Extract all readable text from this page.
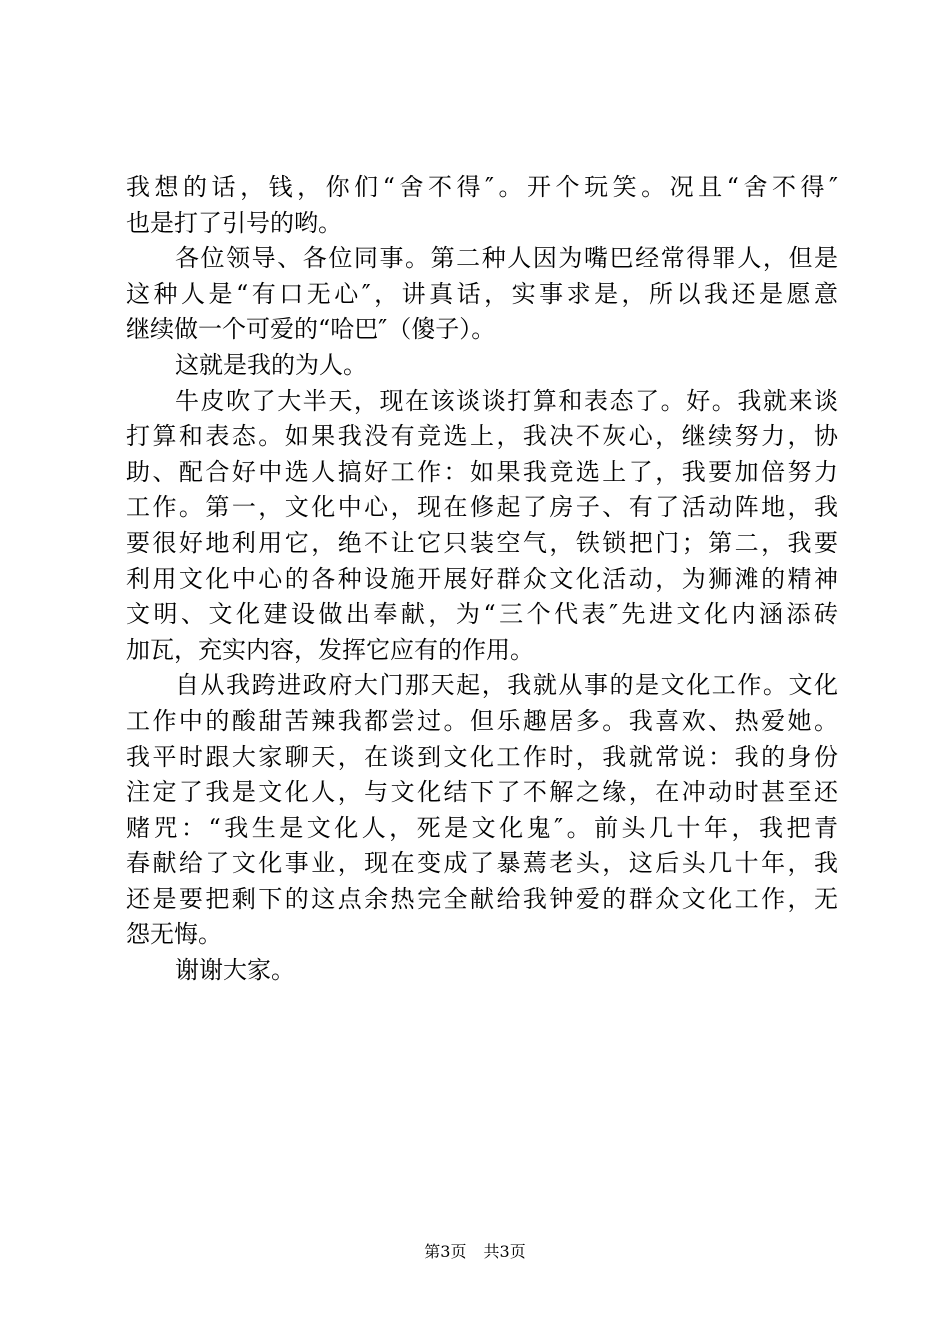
我想的话，钱，你们“舍不得″。开个玩笑。况且“舍不得″
也是打了引号的哟。
各位领导、各位同事。第二种人因为嘴巴经常得罪人，但是
这种人是“有口无心″，讲真话，实事求是，所以我还是愿意
继续做一个可爱的“哈巴″（傻子）。
这就是我的为人。
牛皮吹了大半天，现在该谈谈打算和表态了。好。我就来谈
打算和表态。如果我没有竞选上，我决不灰心，继续努力，协
助、配合好中选人搞好工作：如果我竞选上了，我要加倍努力
工作。第一，文化中心，现在修起了房子、有了活动阵地，我
要很好地利用它，绝不让它只装空气，铁锁把门；第二，我要
利用文化中心的各种设施开展好群众文化活动，为狮滩的精神
文明、文化建设做出奉献，为“三个代表″先进文化内涵添砖
加瓦，充实内容，发挥它应有的作用。
自从我跨进政府大门那天起，我就从事的是文化工作。文化
工作中的酸甜苦辣我都尝过。但乐趣居多。我喜欢、热爱她。
我平时跟大家聊天，在谈到文化工作时，我就常说：我的身份
注定了我是文化人，与文化结下了不解之缘，在冲动时甚至还
赌咒：“我生是文化人，死是文化鬼″。前头几十年，我把青
春献给了文化事业，现在变成了暴蔫老头，这后头几十年，我
还是要把剩下的这点余热完全献给我钟爱的群众文化工作，无
怨无悔。
谢谢大家。
第3页 共3页
